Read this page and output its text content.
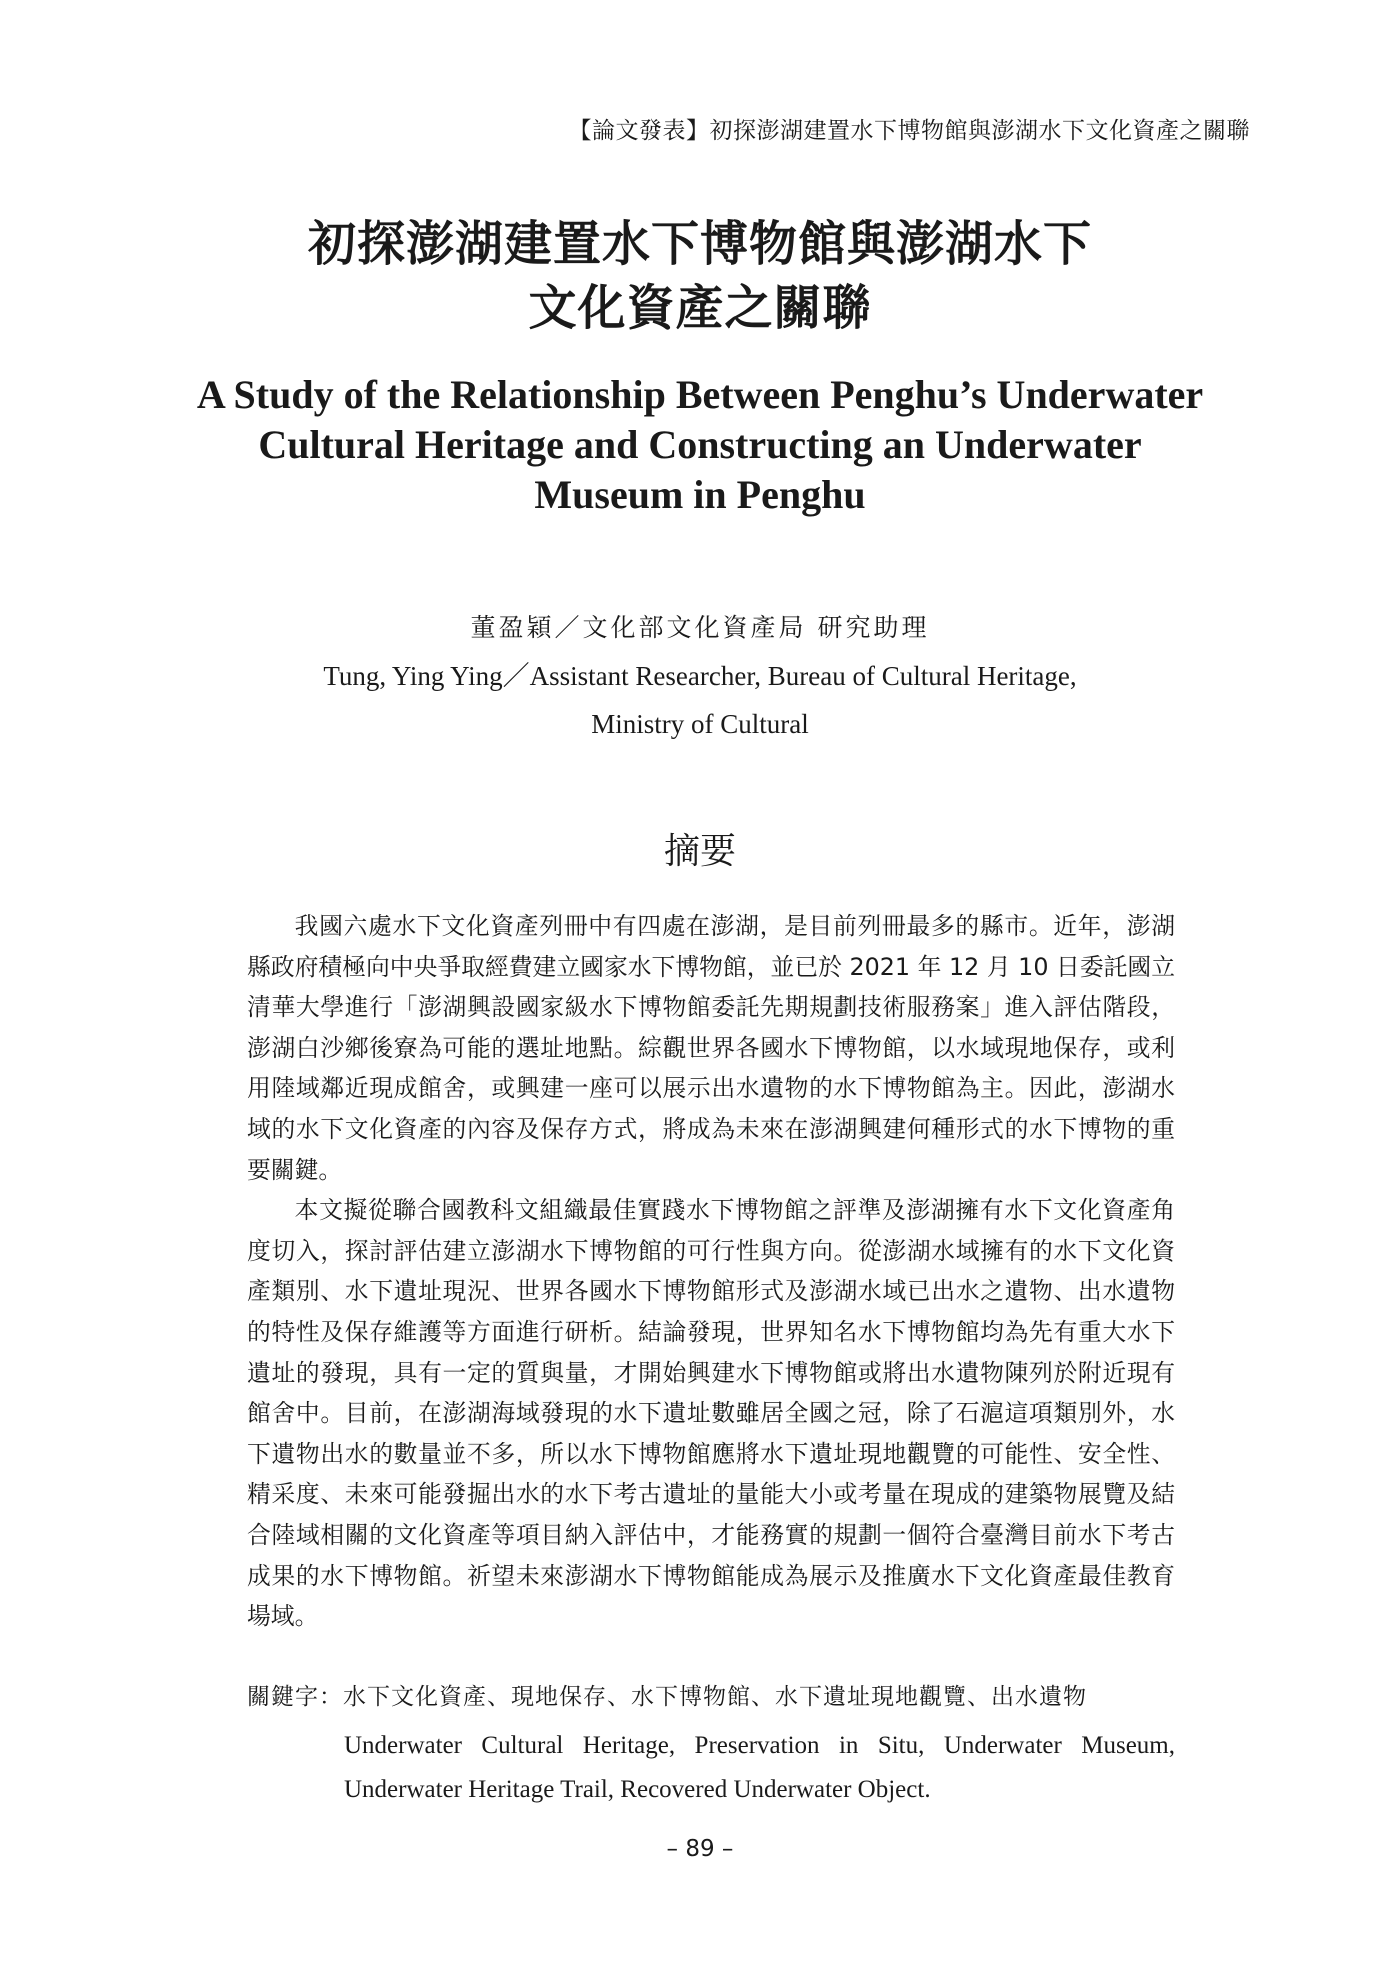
【論文發表】初探澎湖建置水下博物館與澎湖水下文化資產之關聯
初探澎湖建置水下博物館與澎湖水下
文化資產之關聯
A Study of the Relationship Between Penghu’s Underwater
Cultural Heritage and Constructing an Underwater
Museum in Penghu
董盈穎／文化部文化資產局 研究助理
Tung, Ying Ying／Assistant Researcher, Bureau of Cultural Heritage,
Ministry of Cultural
摘要

我國六處水下文化資產列冊中有四處在澎湖，是目前列冊最多的縣市。近年，澎湖縣政府積極向中央爭取經費建立國家水下博物館，並已於 2021 年 12 月 10 日委託國立清華大學進行「澎湖興設國家級水下博物館委託先期規劃技術服務案」進入評估階段，澎湖白沙鄉後寮為可能的選址地點。綜觀世界各國水下博物館，以水域現地保存，或利用陸域鄰近現成館舍，或興建一座可以展示出水遺物的水下博物館為主。因此，澎湖水域的水下文化資產的內容及保存方式，將成為未來在澎湖興建何種形式的水下博物的重要關鍵。

本文擬從聯合國教科文組織最佳實踐水下博物館之評準及澎湖擁有水下文化資產角度切入，探討評估建立澎湖水下博物館的可行性與方向。從澎湖水域擁有的水下文化資產類別、水下遺址現況、世界各國水下博物館形式及澎湖水域已出水之遺物、出水遺物的特性及保存維護等方面進行研析。結論發現，世界知名水下博物館均為先有重大水下遺址的發現，具有一定的質與量，才開始興建水下博物館或將出水遺物陳列於附近現有館舍中。目前，在澎湖海域發現的水下遺址數雖居全國之冠，除了石滬這項類別外，水下遺物出水的數量並不多，所以水下博物館應將水下遺址現地觀覽的可能性、安全性、精采度、未來可能發掘出水的水下考古遺址的量能大小或考量在現成的建築物展覽及結合陸域相關的文化資產等項目納入評估中，才能務實的規劃一個符合臺灣目前水下考古成果的水下博物館。祈望未來澎湖水下博物館能成為展示及推廣水下文化資產最佳教育場域。

關鍵字： 水下文化資產、現地保存、水下博物館、水下遺址現地觀覽、出水遺物
Underwater Cultural Heritage, Preservation in Situ, Underwater Museum,
Underwater Heritage Trail, Recovered Underwater Object.
– 89 –
